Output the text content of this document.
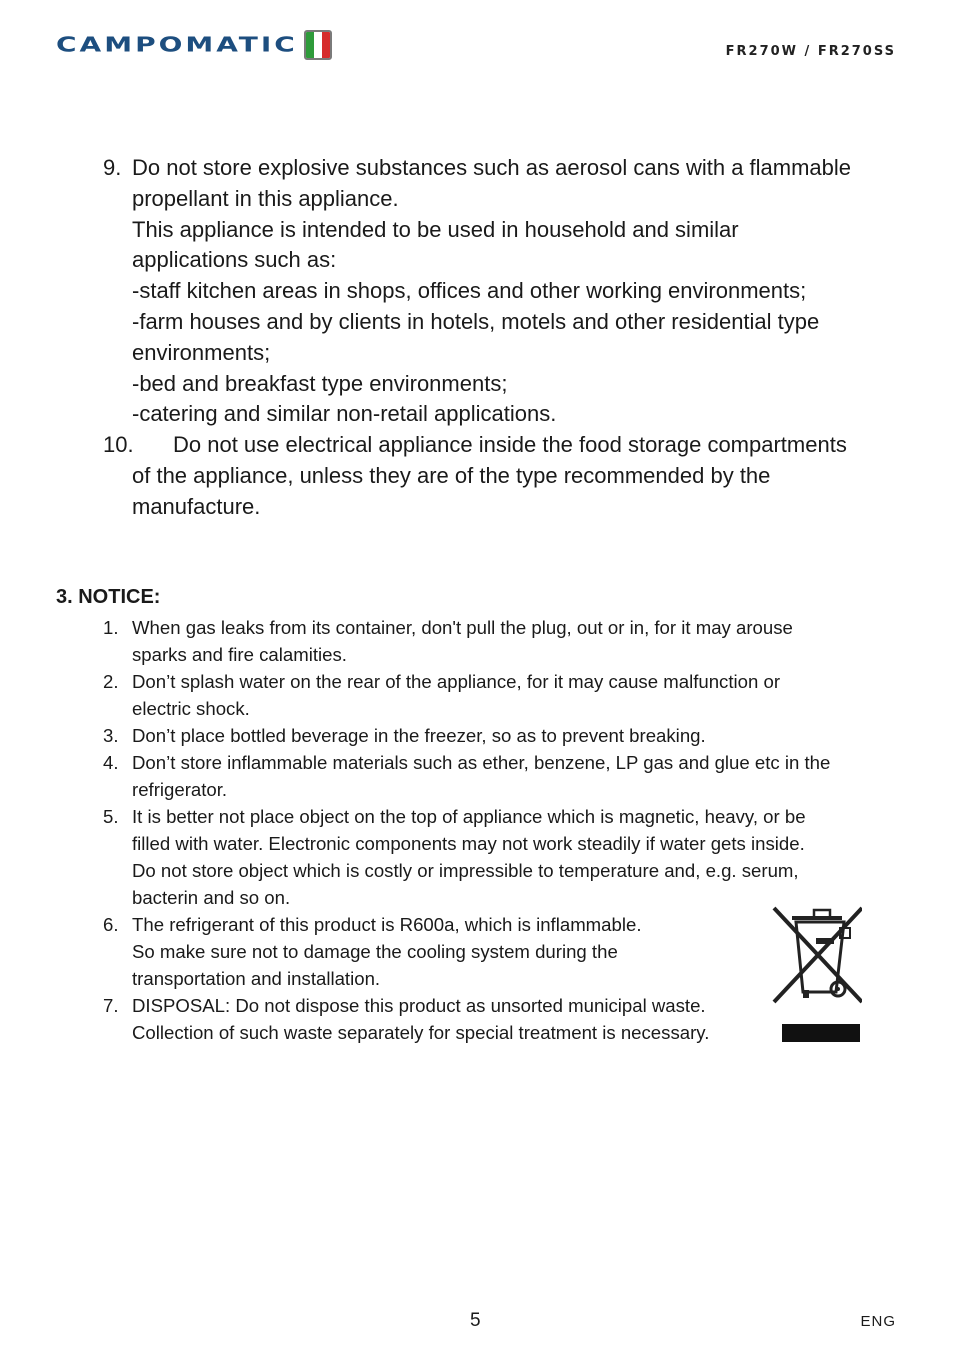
CAMPOMATIC	FR270W / FR270SS
9. Do not store explosive substances such as aerosol cans with a flammable

propellant in this appliance.

This appliance is intended to be used in household and similar

applications such as:

-staff kitchen areas in shops, offices and other working environments;

-farm houses and by clients in hotels, motels and other residential type

environments;

-bed and breakfast type environments;

-catering and similar non-retail applications.

10. Do not use electrical appliance inside the food storage compartments
of the appliance, unless they are of the type recommended by the
manufacture.
3. NOTICE:
1. When gas leaks from its container, don't pull the plug, out or in, for it may arouse

sparks and fire calamities.

2. Don’t splash water on the rear of the appliance, for it may cause malfunction or

electric shock.

3. Don’t place bottled beverage in the freezer, so as to prevent breaking.

4. Don’t store inflammable materials such as ether, benzene, LP gas and glue etc in the

refrigerator.

5. It is better not place object on the top of appliance which is magnetic, heavy, or be

filled with water. Electronic components may not work steadily if water gets inside.

Do not store object which is costly or impressible to temperature and, e.g. serum,

bacterin and so on.

6. The refrigerant of this product is R600a, which is inflammable.

So make sure not to damage the cooling system during the

transportation and installation.

7. DISPOSAL: Do not dispose this product as unsorted municipal waste.

Collection of such waste separately for special treatment is necessary.

5	ENG
